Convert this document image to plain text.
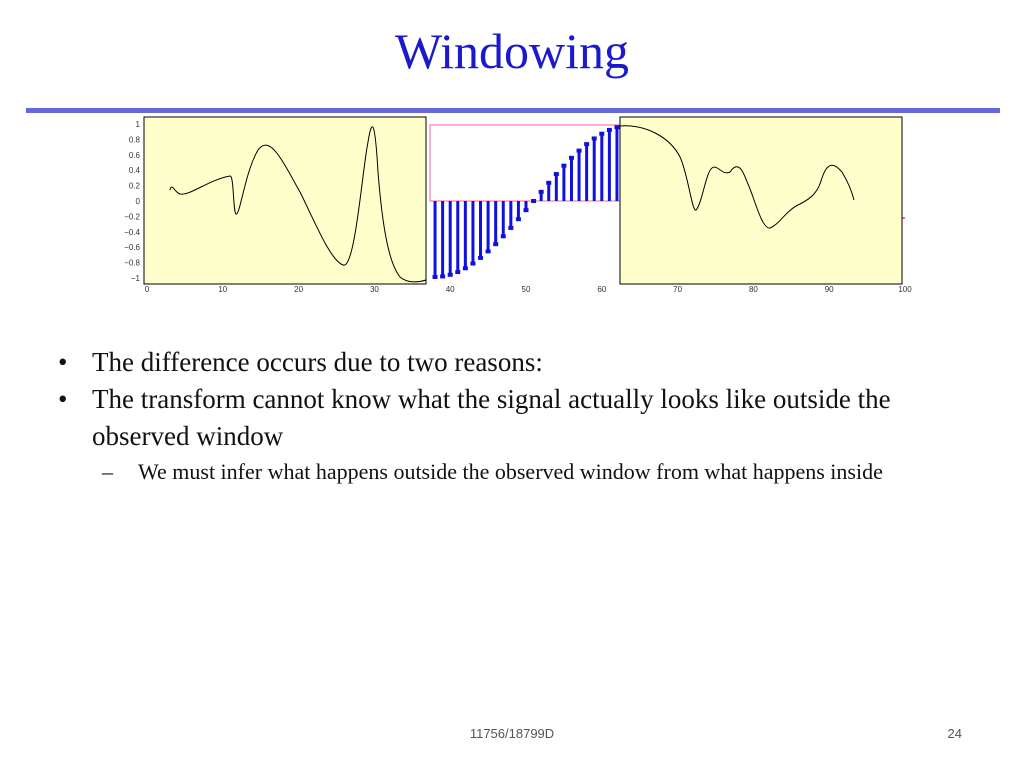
Windowing
1
0.8
0.6
0.4
0.2
0
−0.2
−0.4
−0.6
−0.8
−1
0	10	20	30	40	50	60	70	80	90	100
• The difference occurs due to two reasons:
• The transform cannot know what the signal actually looks like outside the observed window
– We must infer what happens outside the observed window from what happens inside
11756/18799D	24
